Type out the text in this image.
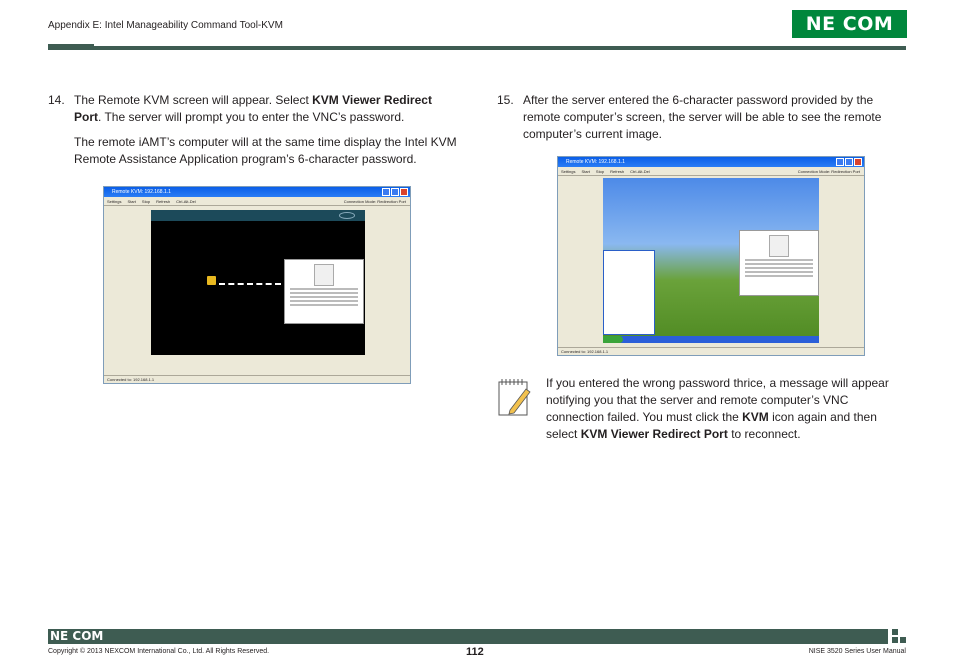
Appendix E: Intel Manageability Command Tool-KVM	NE COM
14. The Remote KVM screen will appear. Select KVM Viewer Redirect Port. The server will prompt you to enter the VNC’s password.

The remote iAMT’s computer will at the same time display the Intel KVM Remote Assistance Application program’s 6-character password.

15. After the server entered the 6-character password provided by the remote computer’s screen, the server will be able to see the remote computer’s current image.

Remote KVM: 192.168.1.1
Settings Start Stop Refresh Ctrl-Alt-Del	Connection Mode: Redirection Port
Connected to: 192.168.1.1
Remote KVM: 192.168.1.1
Settings Start Stop Refresh Ctrl-Alt-Del	Connection Mode: Redirection Port
Connected to: 192.168.1.1
If you entered the wrong password thrice, a message will appear notifying you that the server and remote computer’s VNC connection failed. You must click the KVM icon again and then select KVM Viewer Redirect Port to reconnect.
NE COM
Copyright © 2013 NEXCOM International Co., Ltd. All Rights Reserved.	112	NISE 3520 Series User Manual
